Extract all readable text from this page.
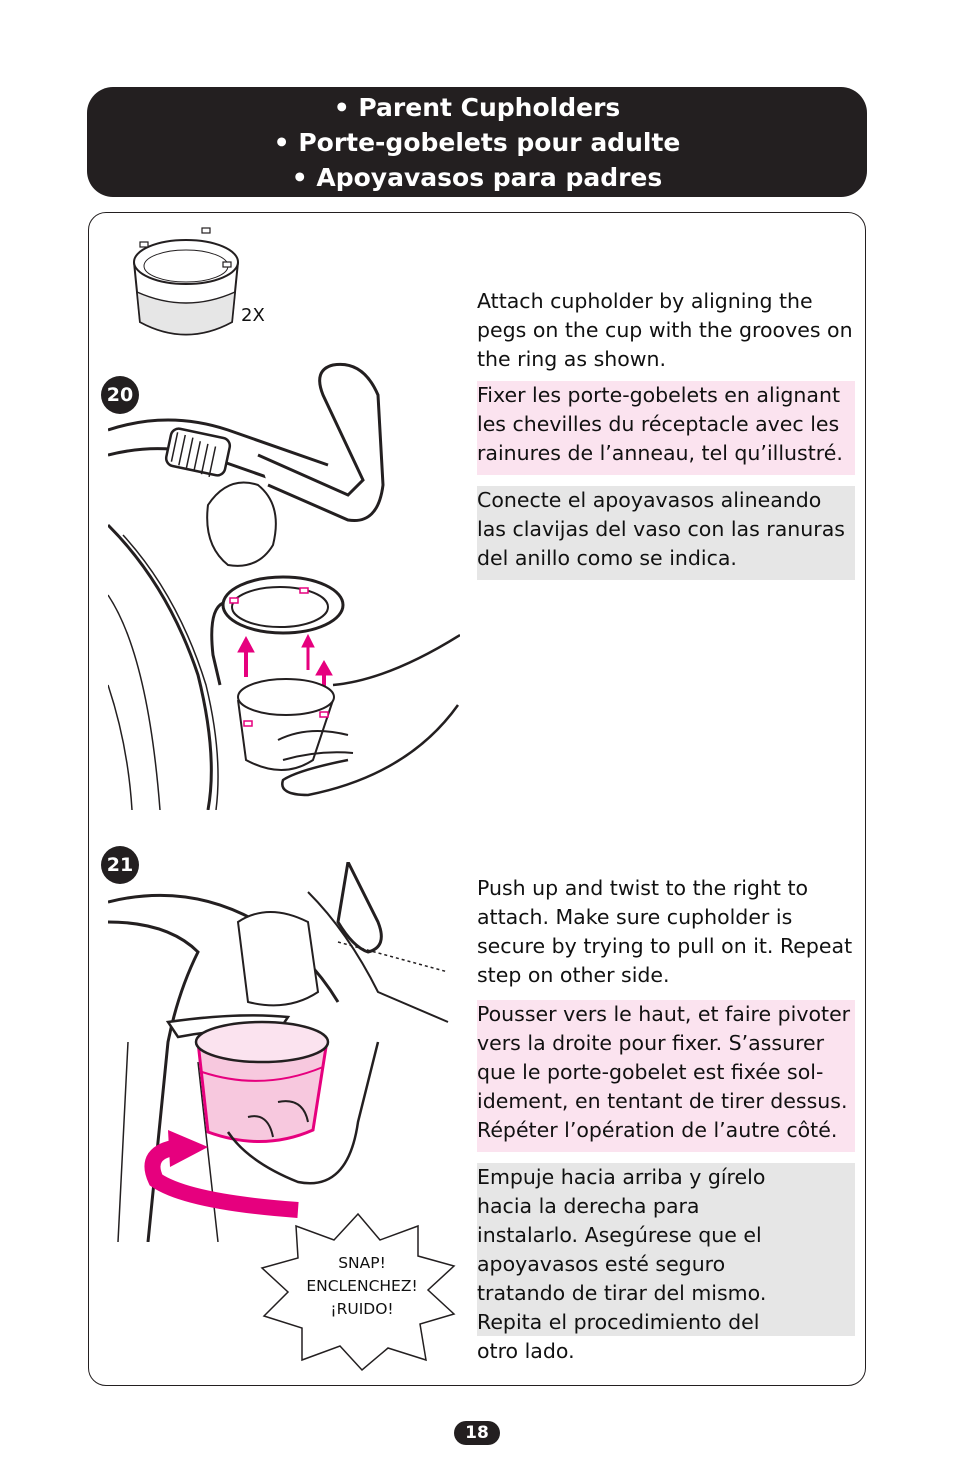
• Parent Cupholders
• Porte-gobelets pour adulte
• Apoyavasos para padres
2X
20

Attach cupholder by aligning the pegs on the cup with the grooves on the ring as shown.

Fixer les porte-gobelets en alignant les chevilles du réceptacle avec les rainures de l’anneau, tel qu’illustré.

Conecte el apoyavasos alineando las clavijas del vaso con las ranuras del anillo como se indica.

21
SNAP!
ENCLENCHEZ!
¡RUIDO!

Push up and twist to the right to attach. Make sure cupholder is secure by trying to pull on it. Repeat step on other side.

Pousser vers le haut, et faire pivoter vers la droite pour fixer. S’assurer que le porte-gobelet est fixée sol-idement, en tentant de tirer dessus. Répéter l’opération de l’autre côté.

Empuje hacia arriba y gírelo hacia la derecha para instalarlo. Asegúrese que el apoyavasos esté seguro tratando de tirar del mismo. Repita el procedimiento del otro lado.

18
